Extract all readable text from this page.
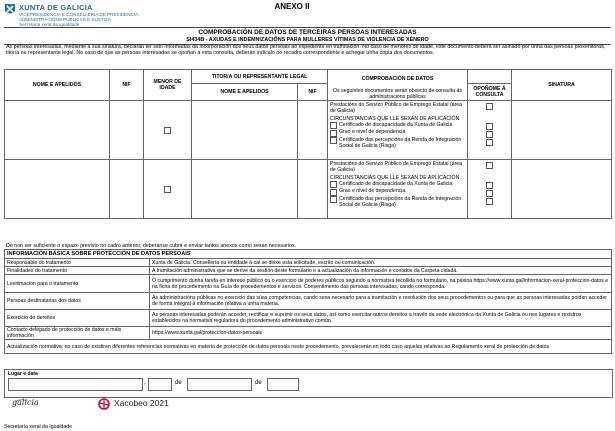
XUNTA DE GALICIA
VICEPRESIDENCIA E CONSELLERÍA DE PRESIDENCIA,
ADMINISTRACIÓNS PÚBLICAS E XUSTIZA
Secretaría xeral da Igualdade
ANEXO II
COMPROBACIÓN DE DATOS DE TERCEIRAS PERSOAS INTERESADAS
SI434B - AXUDAS E INDEMNIZACIÓNS PARA MULLERES VÍTIMAS DE VIOLENCIA DE XÉNERO
As persoas interesadas, mediante a súa sinatura, declaran ter sido informadas da incorporación dos seus datos persoais ao expediente en tramitación. No caso de menores de idade, este documento deberá ser asinado por unha das persoas proxenitoras, titor/a ou representante legal. No caso de que as persoas interesadas se opoñan a esta consulta, deberán indicalo no recadro correspondente e achegar unha copia dos documentos.
NOME E APELIDOS	NIF	MENOR DE IDADE	TITOR/A OU REPRESENTANTE LEGAL		COMPROBACIÓN DE DATOS

Os seguintes documentos serán obxecto de consulta ás administracións públicas		SINATURA
			NOME E APELIDOS	NIF		OPOÑOME Á CONSULTA	

					Prestacións do Servizo Público de Emprego Estatal (área de Galicia)
CIRCUNSTANCIAS QUE LLE SEXAN DE APLICACIÓN
Certificado de discapacidade da Xunta de Galicia
Grao e nivel de dependencia
Certificado das percepcións da Renda de Integración Social de Galicia (Risga)		

					Prestacións do Servizo Público de Emprego Estatal (área de Galicia)
CIRCUNSTANCIAS QUE LLE SEXAN DE APLICACIÓN
Certificado de discapacidade da Xunta de Galicia
Grao e nivel de dependencia
Certificado das percepcións da Renda de Integración Social de Galicia (Risga)		

De non ser suficiente o espazo previsto no cadro anterior, deberanse cubrir e enviar tantos anexos como sexan necesarios.
INFORMACIÓN BÁSICA SOBRE PROTECCIÓN DE DATOS PERSOAIS	
Responsable do tratamento	Xunta de Galicia. Consellería ou entidade á cal se dirixe esta solicitude, escrito ou comunicación.
Finalidades do tratamento	A tramitación administrativa que se derive da xestión deste formulario e a actualización da información e contidos da Carpeta cidadá.
Lexitimación para o tratamento	O cumprimento dunha tarefa en interese público ou o exercicio de poderes públicos segundo a normativa recollida no formulario, na páxina https://www.xunta.gal/informacion-xeral-proteccion-datos e na ficha do procedemento na Guía de procedementos e servizos. Consentimento das persoas interesadas, cando corresponda.
Persoas destinatarias dos datos	As administracións públicas no exercicio das súas competencias, cando sexa necesario para a tramitación e resolución dos seus procedementos ou para que as persoas interesadas poidan acceder de forma integral á información relativa a unha materia.
Exercicio de dereitos	As persoas interesadas poderán acceder, rectificar e suprimir os seus datos, así como exercitar outros dereitos a través da sede electrónica da Xunta de Galicia ou nos lugares e rexistros establecidos na normativa reguladora do procedemento administrativo común.
Contacto delegado de protección de datos e máis información	https://www.xunta.gal/proteccion-datos-persoais
Actualización normativa: no caso de existiren diferentes referencias normativas en materia de protección de datos persoais neste procedemento, prevalecerán en todo caso aquelas relativas ao Regulamento xeral de protección de datos.	
Lugar e data
,	de	de
galicia	Xacobeo 2021
Secretaría xeral da Igualdade
